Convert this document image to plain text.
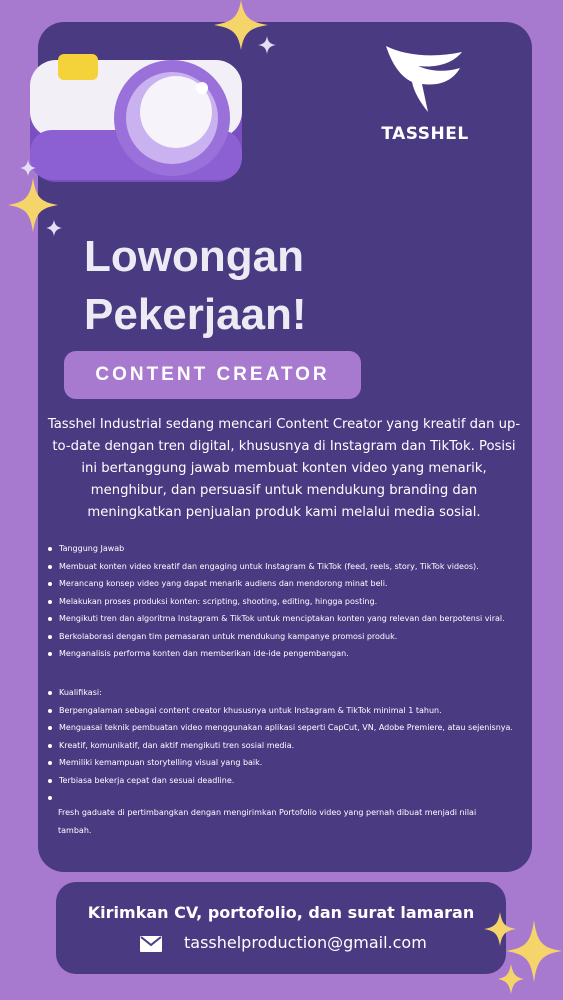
TASSHEL
Lowongan
Pekerjaan!
CONTENT CREATOR
Tasshel Industrial sedang mencari Content Creator yang kreatif dan up-to-date dengan tren digital, khususnya di Instagram dan TikTok. Posisi ini bertanggung jawab membuat konten video yang menarik, menghibur, dan persuasif untuk mendukung branding dan meningkatkan penjualan produk kami melalui media sosial.
Tanggung Jawab
Membuat konten video kreatif dan engaging untuk Instagram & TikTok (feed, reels, story, TikTok videos).
Merancang konsep video yang dapat menarik audiens dan mendorong minat beli.
Melakukan proses produksi konten: scripting, shooting, editing, hingga posting.
Mengikuti tren dan algoritma Instagram & TikTok untuk menciptakan konten yang relevan dan berpotensi viral.
Berkolaborasi dengan tim pemasaran untuk mendukung kampanye promosi produk.
Menganalisis performa konten dan memberikan ide-ide pengembangan.
Kualifikasi:
Berpengalaman sebagai content creator khususnya untuk Instagram & TikTok minimal 1 tahun.
Menguasai teknik pembuatan video menggunakan aplikasi seperti CapCut, VN, Adobe Premiere, atau sejenisnya.
Kreatif, komunikatif, dan aktif mengikuti tren sosial media.
Memiliki kemampuan storytelling visual yang baik.
Terbiasa bekerja cepat dan sesuai deadline.
Fresh gaduate di pertimbangkan dengan mengirimkan Portofolio video yang pernah dibuat menjadi nilai tambah.
Kirimkan CV, portofolio, dan surat lamaran
tasshelproduction@gmail.com
